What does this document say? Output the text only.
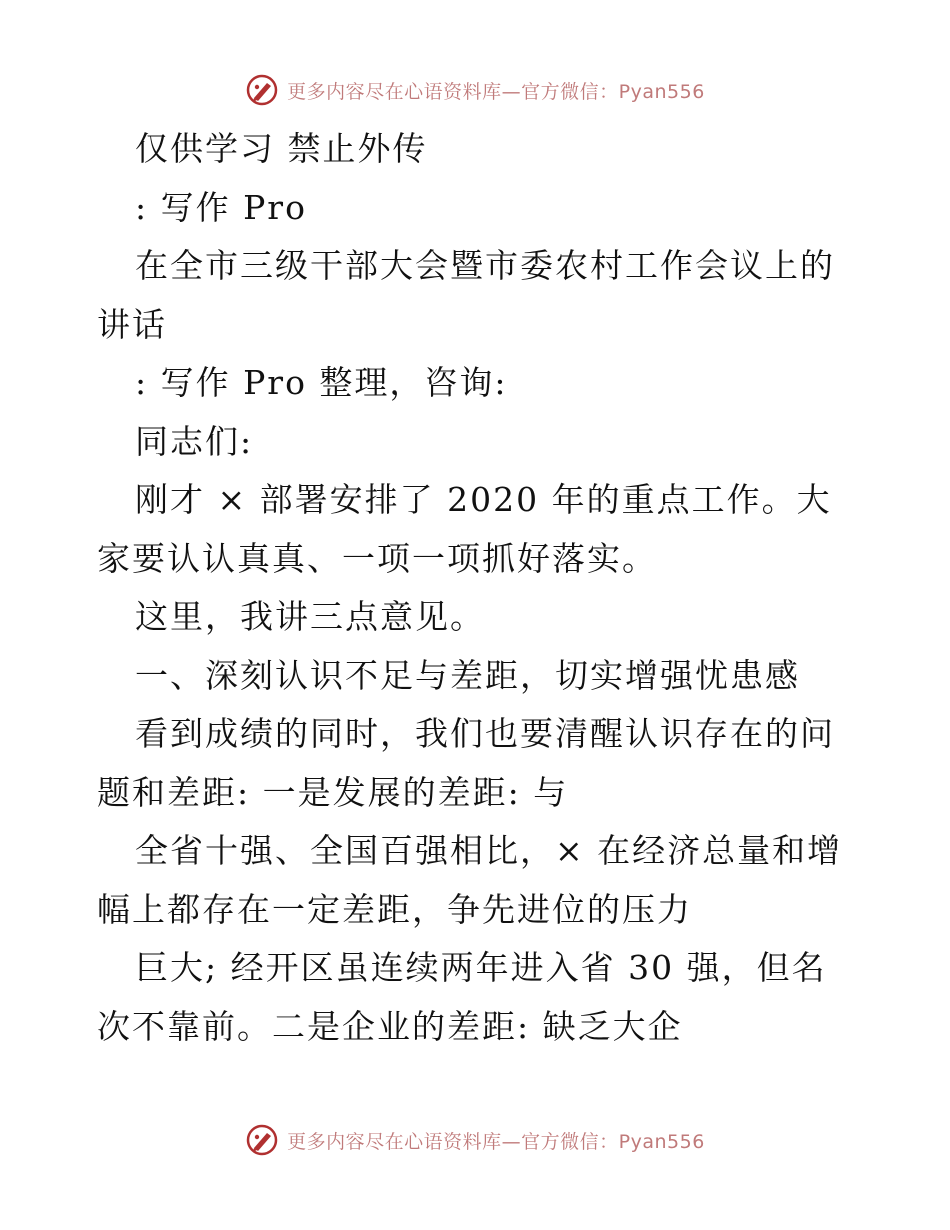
更多内容尽在心语资料库—官方微信：Pyan556

仅供学习 禁止外传

: 写作 Pro

在全市三级干部大会暨市委农村工作会议上的讲话

: 写作 Pro 整理，咨询:

同志们:

刚才 × 部署安排了 2020 年的重点工作。大家要认认真真、一项一项抓好落实。

这里，我讲三点意见。

一、深刻认识不足与差距，切实增强忧患感

看到成绩的同时，我们也要清醒认识存在的问题和差距: 一是发展的差距: 与

全省十强、全国百强相比，× 在经济总量和增幅上都存在一定差距，争先进位的压力

巨大; 经开区虽连续两年进入省 30 强，但名次不靠前。二是企业的差距: 缺乏大企

更多内容尽在心语资料库—官方微信：Pyan556
